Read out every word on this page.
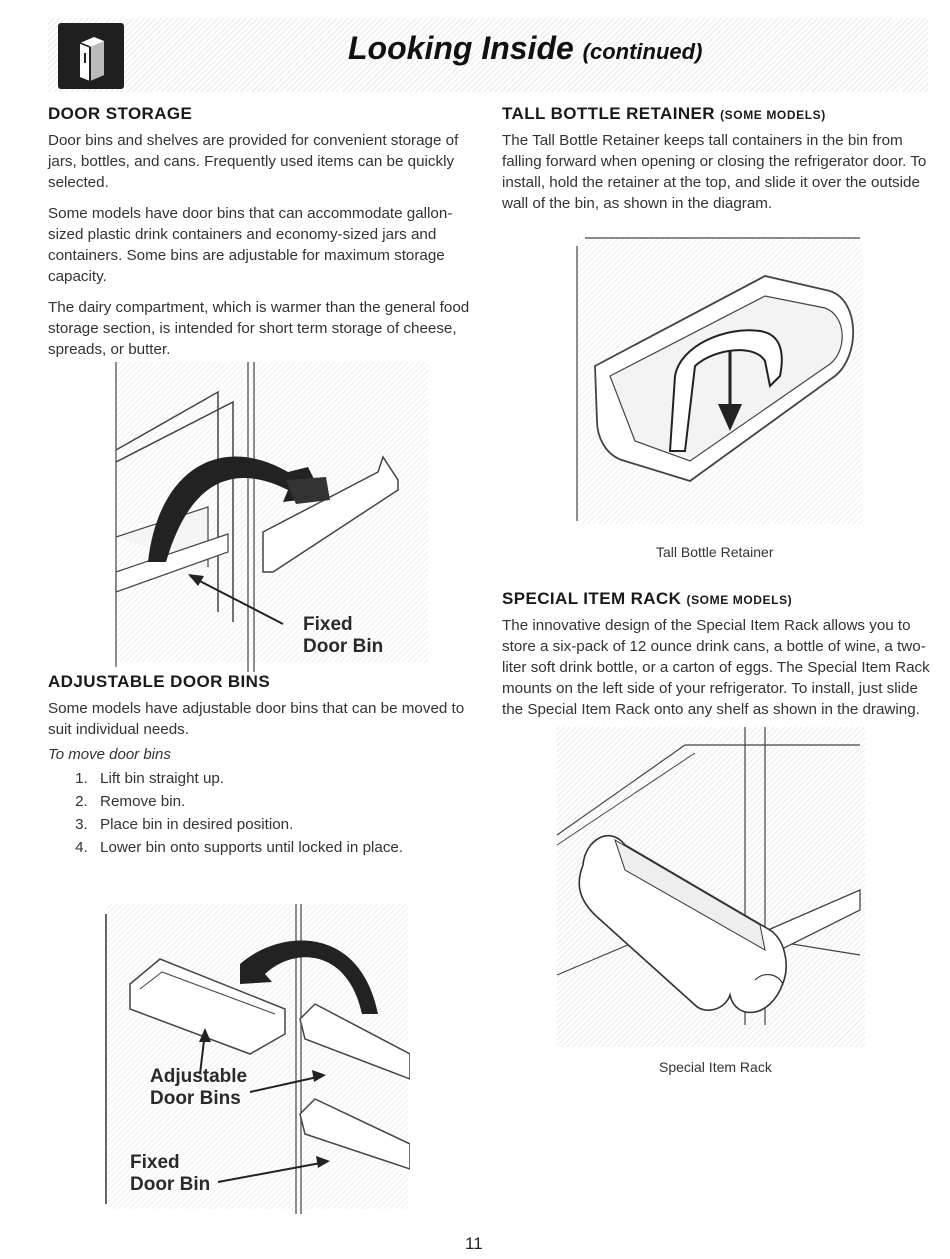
Looking Inside (continued)
DOOR STORAGE

Door bins and shelves are provided for convenient storage of jars, bottles, and cans. Frequently used items can be quickly selected.

Some models have door bins that can accommodate gallon-sized plastic drink containers and economy-sized jars and containers. Some bins are adjustable for maximum storage capacity.

The dairy compartment, which is warmer than the general food storage section, is intended for short term storage of cheese, spreads, or butter.

Fixed
Door Bin
ADJUSTABLE DOOR BINS

Some models have adjustable door bins that can be moved to suit individual needs.

To move door bins

1. Lift bin straight up.
2. Remove bin.
3. Place bin in desired position.
4. Lower bin onto supports until locked in place.
Adjustable
Door Bins
Fixed
Door Bin
TALL BOTTLE RETAINER (SOME MODELS)

The Tall Bottle Retainer keeps tall containers in the bin from falling forward when opening or closing the refrigerator door. To install, hold the retainer at the top, and slide it over the outside wall of the bin, as shown in the diagram.

Tall Bottle Retainer
SPECIAL ITEM RACK (SOME MODELS)

The innovative design of the Special Item Rack allows you to store a six-pack of 12 ounce drink cans, a bottle of wine, a two-liter soft drink bottle, or a carton of eggs. The Special Item Rack mounts on the left side of your refrigerator. To install, just slide the Special Item Rack onto any shelf as shown in the drawing.

Special Item Rack
11
